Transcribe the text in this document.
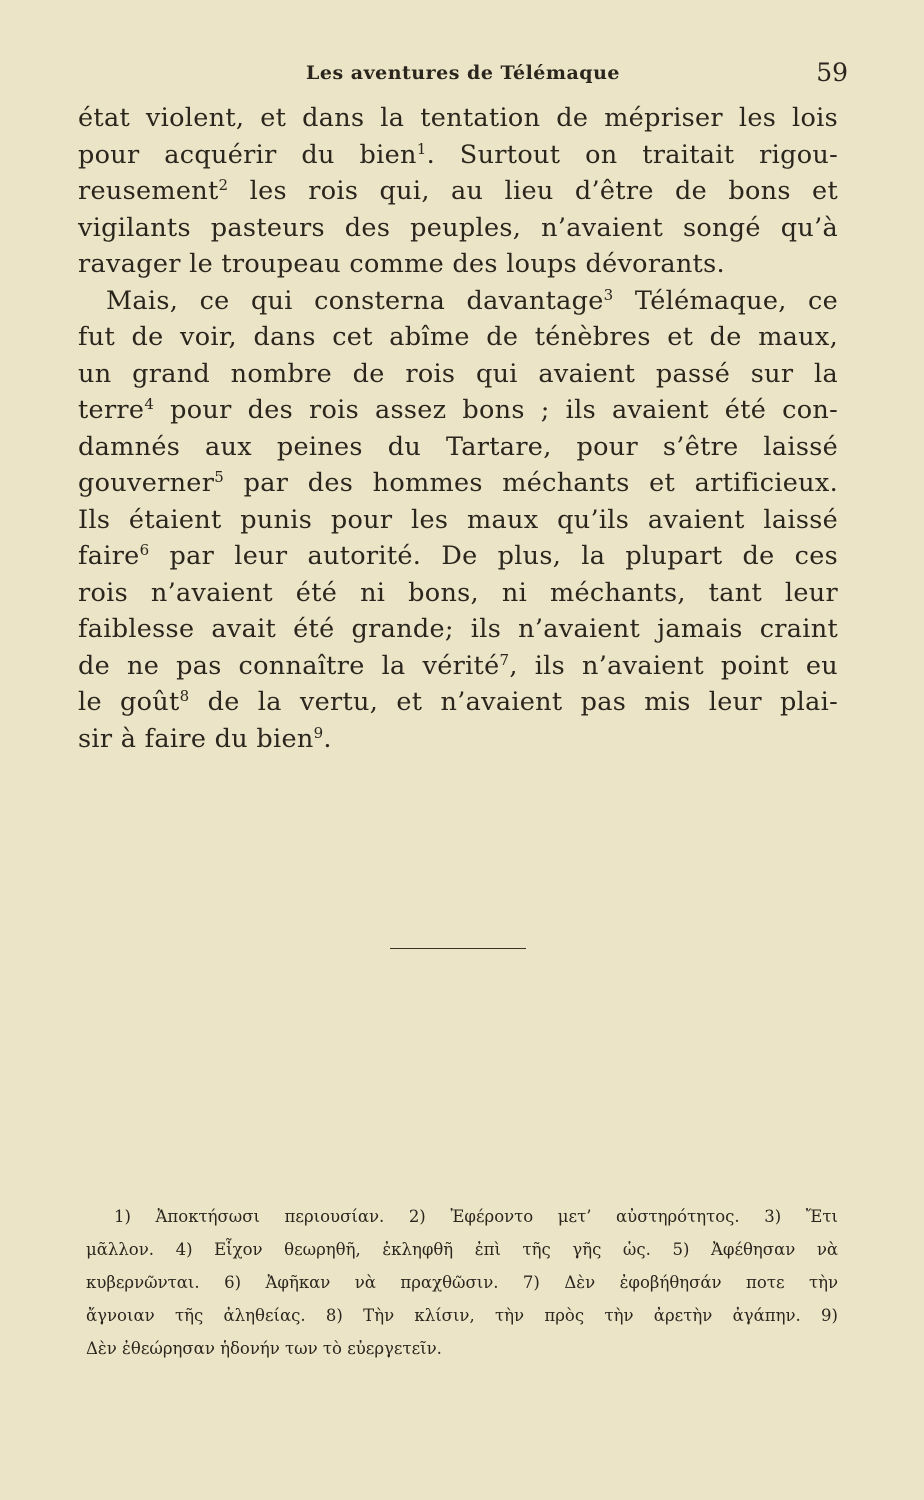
Les aventures de Télémaque	59
état violent, et dans la tentation de mépriser les lois
pour acquérir du bien$^1$. Surtout on traitait rigou-
reusement$^2$ les rois qui, au lieu d’être de bons et
vigilants pasteurs des peuples, n’avaient songé qu’à
ravager le troupeau comme des loups dévorants.
Mais, ce qui consterna davantage$^3$ Télémaque, ce
fut de voir, dans cet abîme de ténèbres et de maux,
un grand nombre de rois qui avaient passé sur la
terre$^4$ pour des rois assez bons ; ils avaient été con-
damnés aux peines du Tartare, pour s’être laissé
gouverner$^5$ par des hommes méchants et artificieux.
Ils étaient punis pour les maux qu’ils avaient laissé
faire$^6$ par leur autorité. De plus, la plupart de ces
rois n’avaient été ni bons, ni méchants, tant leur
faiblesse avait été grande; ils n’avaient jamais craint
de ne pas connaître la vérité$^7$, ils n’avaient point eu
le goût$^8$ de la vertu, et n’avaient pas mis leur plai-
sir à faire du bien$^9$.
1) Ἀποκτήσωσι περιουσίαν. 2) Ἐφέροντο μετ’ αὐστηρότητος. 3) Ἔτι
μᾶλλον. 4) Εἶχον θεωρηθῆ, ἐκληφθῆ ἐπὶ τῆς γῆς ὡς. 5) Ἀφέθησαν νὰ
κυβερνῶνται. 6) Ἀφῆκαν νὰ πραχθῶσιν. 7) Δὲν ἐφοβήθησάν ποτε τὴν
ἄγνοιαν τῆς ἀληθείας. 8) Τὴν κλίσιν, τὴν πρὸς τὴν ἀρετὴν ἀγάπην. 9)
Δὲν ἐθεώρησαν ἡδονήν των τὸ εὐεργετεῖν.
